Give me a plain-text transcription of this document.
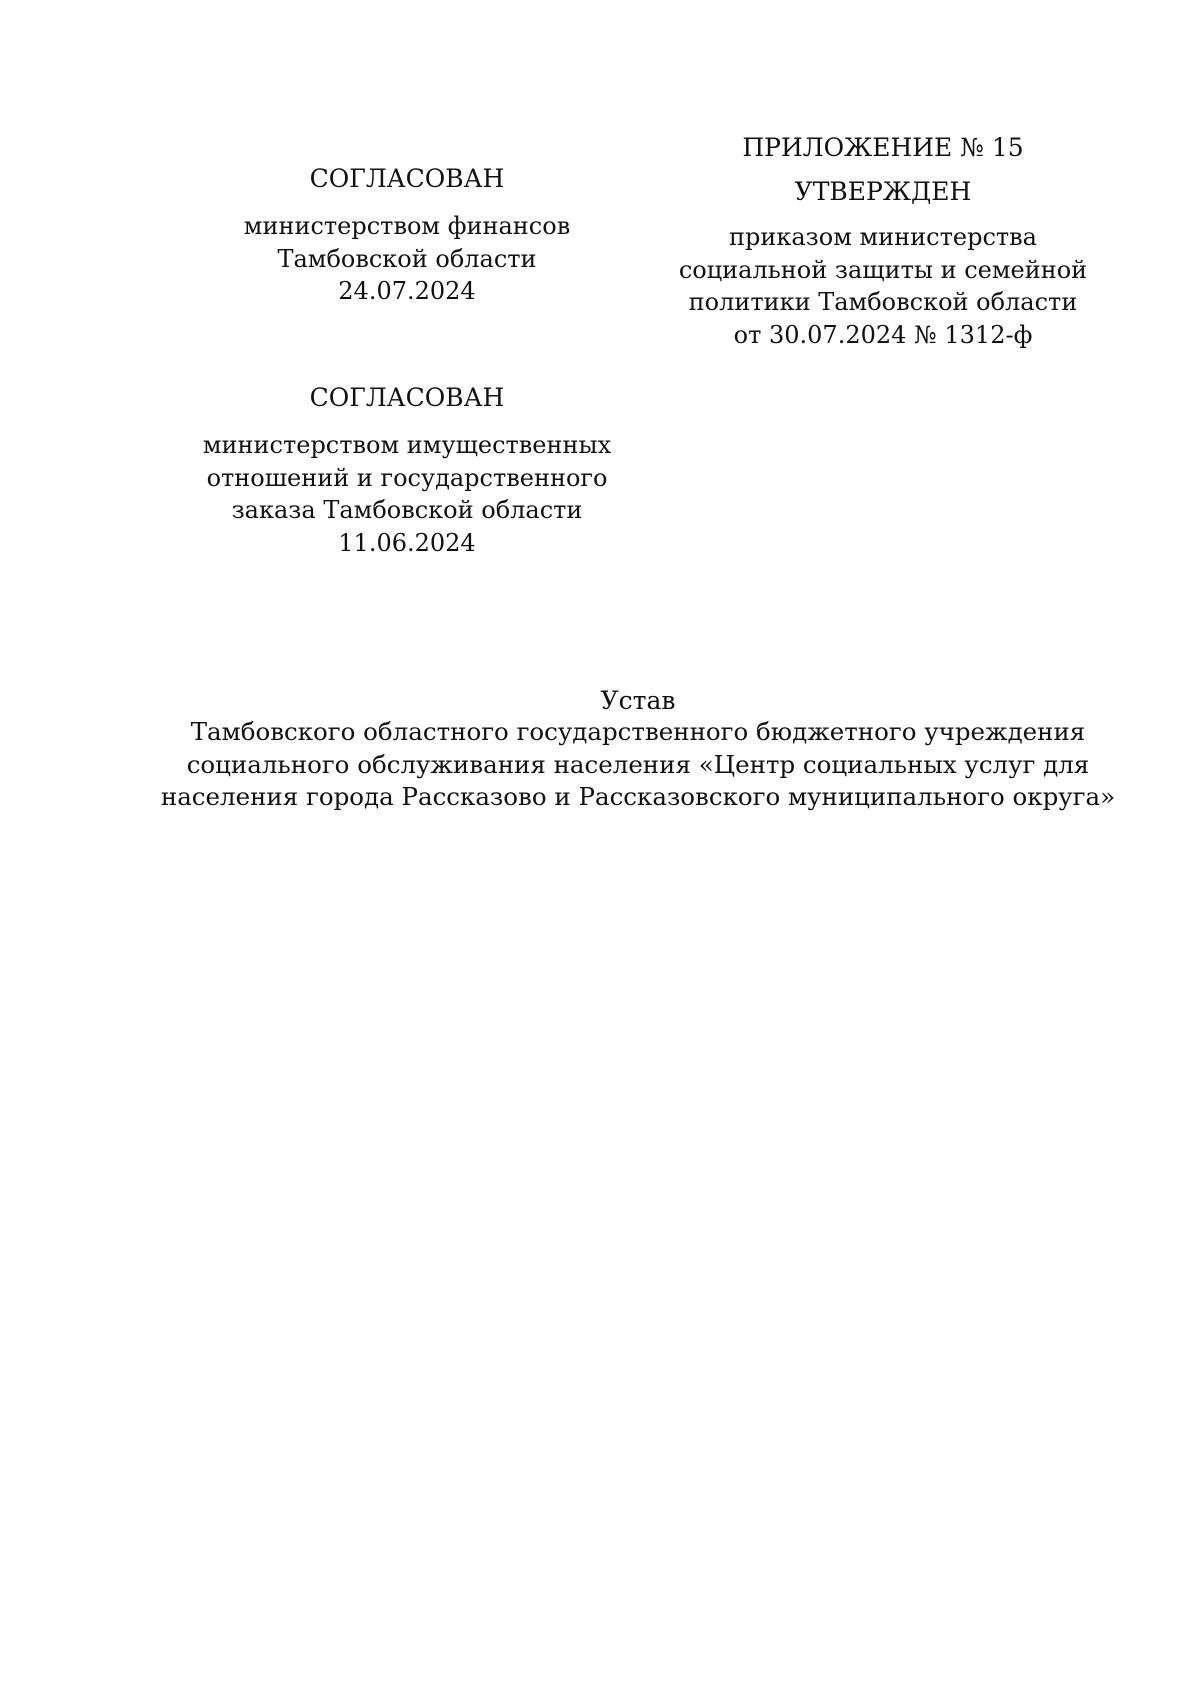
СОГЛАСОВАН

министерством финансов

Тамбовской области

24.07.2024

СОГЛАСОВАН

министерством имущественных

отношений и государственного

заказа Тамбовской области

11.06.2024

ПРИЛОЖЕНИЕ № 15

УТВЕРЖДЕН

приказом министерства

социальной защиты и семейной

политики Тамбовской области

от 30.07.2024 № 1312-ф

Устав

Тамбовского областного государственного бюджетного учреждения

социального обслуживания населения «Центр социальных услуг для

населения города Рассказово и Рассказовского муниципального округа»
